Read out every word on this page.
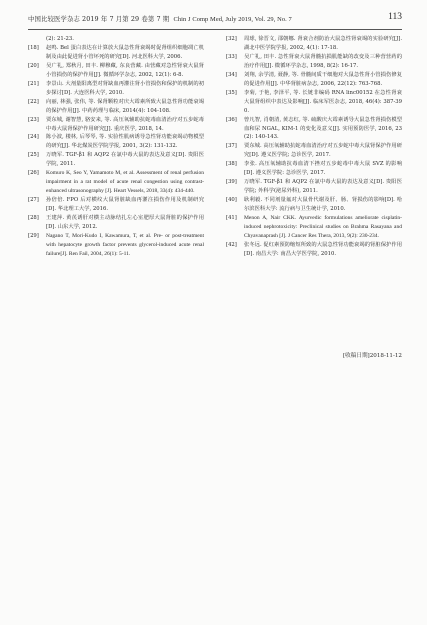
中国比较医学杂志 2019 年 7 月第 29 卷第 7 期 Chin J Comp Med, July 2019, Vol. 29, No. 7	113
(2): 21-23.
[18]	赵鸣. Bel 蛋白表达在计算放大鼠急性肾衰竭时促肾组织细胞凋亡机制及由此促进肾小管坏死的研究[D]. 河北医科大学, 2006.
[20]	吴广礼, 郑秋月, 田丰. 柳穆藏, 东良营藏. 由营藏对急性肾衰大鼠肾小管损伤的保护作用[J]. 微循环学杂志, 2002, 12(1): 6-8.
[21]	李景山. 大剂量阳离型对肾缺血再灌注肾小管损伤和保护的机制的初步探讨[D]. 大连医科大学, 2010.
[22]	向丽, 林强, 张伟, 等. 保肾颗粒对庆大霉素所致大鼠急性肾功能衰竭的保护作用[J]. 中药药理与临床, 2014(4): 104-108.
[23]	贾东城, 谢智慧, 骆安来, 等. 高压氧辅助抗蛇毒血清治疗对五步蛇毒中毒大鼠肾保护作用研究[J]. 重庆医学, 2018, 14.
[24]	陈小波, 楼林, 后琴琴, 等. 实验性肌病诱导急性肾功能衰竭动物模型的研究[J]. 华北煤炭医学院学报, 2001, 3(2): 131-132.
[25]	万晓军. TGF-β1 和 AQP2 在氯中毒大鼠的表达及意义[D]. 贵阳医学院, 2011.
[26]	Komuro K, Seo Y, Yamamoto M, et al. Assessment of renal perfusion impairment in a rat model of acute renal congestion using contrast-enhanced ultrasonography [J]. Heart Vessels, 2018, 33(4): 434-440.
[27]	孙倍倍. FPO 后对横纹大鼠肾脏缺血再灌注损伤作用及机制研究[D]. 华北理工大学, 2016.
[28]	王建萍. 黄芪诱肝对横主动脉结扎左心室肥厚大鼠肾脏的保护作用[D]. 山东大学, 2012.
[29]	Nagano T, Mori-Kudo I, Kawamura, T, et al. Pre- or post-treatment with hepatocyte growth factor prevents glycerol-induced acute renal failure[J]. Ren Fail, 2004, 26(1): 5-11.
[32]	周球, 徐晋文, 邵朝娜. 肾衰合剂防治大鼠急性肾衰竭的实验研究[J]. 湖北中医学院学报, 2002, 4(1): 17-18.
[33]	吴广礼, 田丰. 急性肾衰大鼠肾髓抗损肌能缺的改变及三种营营药的治疗作用[J]. 微循环学杂志, 1998, 8(2): 16-17.
[34]	刘翔, 余学清, 聂静, 等. 骨髓间质干细胞对大鼠急性肾小管损伤修复的促进作用[J]. 中华肾脏病杂志, 2006, 22(12): 763-768.
[35]	李菊, 于艳, 李泽平, 等. 长链非编码 RNA linc00152 在急性肾衰大鼠肾组织中表达及影响[J]. 临床军医杂志, 2018, 46(4): 387-390.
[36]	曾凡智, 肖朝清, 黄志红, 等. 硫酸庆大霉素诱导大鼠急性肾损伤模型血和尿 NGAL, KIM-1 的变化及意义[J]. 实用预防医学, 2016, 23(2): 140-143.
[37]	贾东城. 高压氧辅助抗蛇毒血清治疗对五步蛇中毒大鼠肾保护作用研究[D]. 遵义医学院; 急诊医学, 2017.
[38]	李张. 高压氧辅助抗毒血清下挫对五步蛇毒中毒大鼠 SVZ 的影响[D]. 遵义医学院: 急诊医学, 2017.
[39]	万晓军. TGF-β1 和 AQP2 在氯中毒大鼠的表达及意义[D]. 贵阳医学院; 外科学(泌尿外科), 2011.
[40]	耿利毅. 不同剂量氟对大鼠骨代谢及肝、肠、肾损伤的影响[D]. 哈尔滨医科大学: 流行病与卫生统计学, 2010.
[41]	Menon A, Nair CKK. Ayurvedic formulations ameliorate cisplatin-induced nephrotoxicity: Preclinical studies on Brahma Rasayana and Chyavanaprash [J]. J Cancer Res Thera, 2013, 9(2): 230-234.
[42]	张冬远. 促红素预防缩短所致的大鼠急性肾功能衰竭的肾脏保护作用[D]. 南昌大学: 南昌大学医学院, 2010.
[收稿日期]2018-11-12
